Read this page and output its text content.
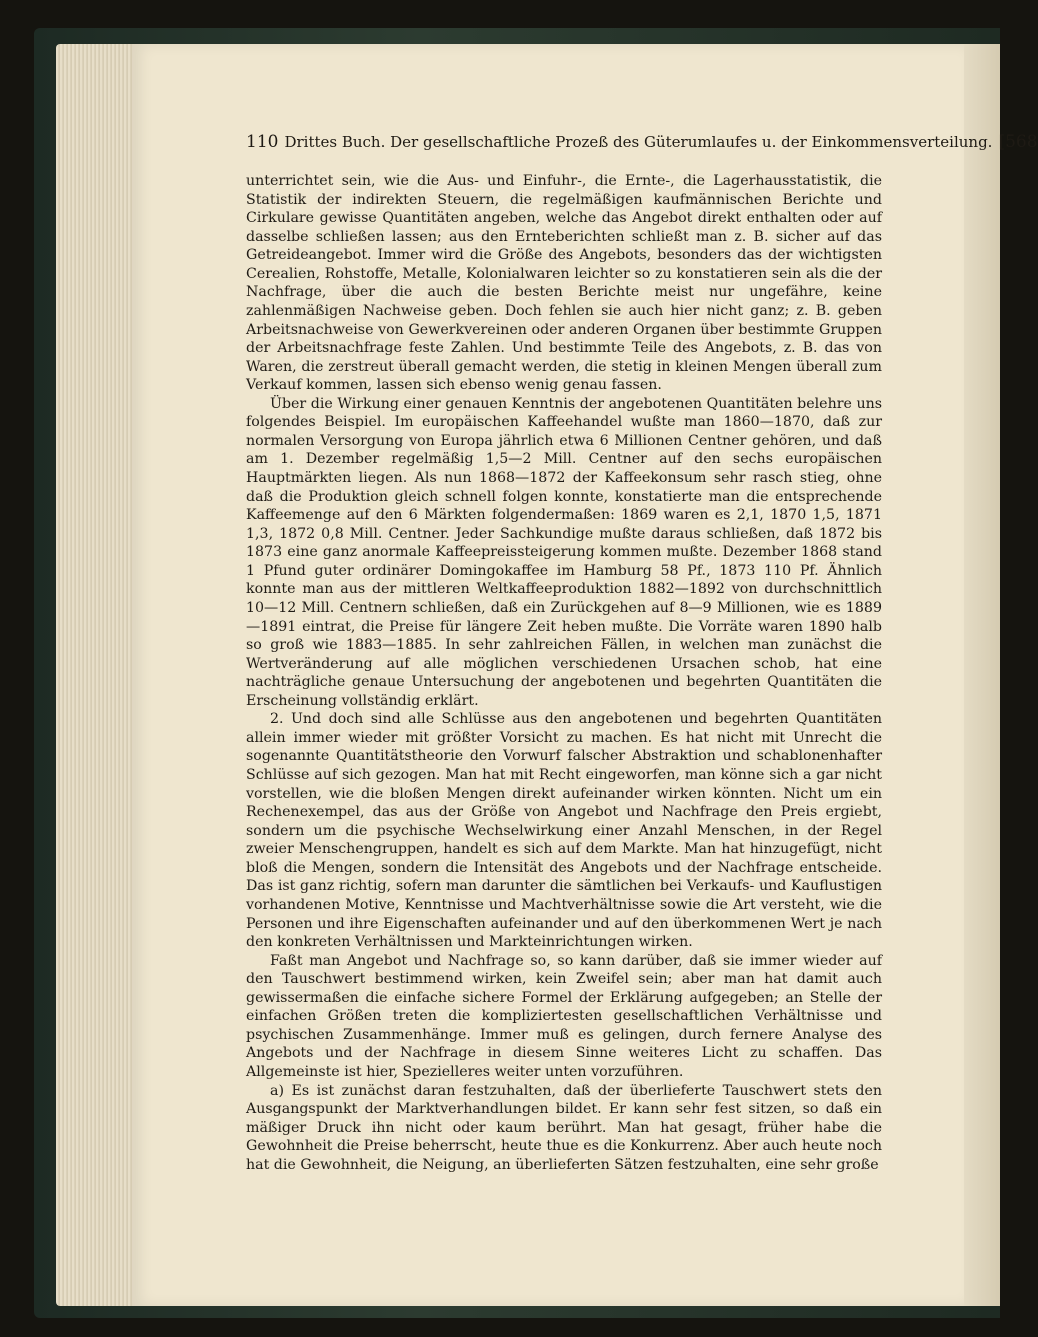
110 Drittes Buch. Der gesellschaftliche Prozeß des Güterumlaufes u. der Einkommensverteilung. [568

unterrichtet sein, wie die Aus- und Einfuhr-, die Ernte-, die Lagerhausstatistik, die Statistik der indirekten Steuern, die regelmäßigen kaufmännischen Berichte und Cirkulare gewisse Quantitäten angeben, welche das Angebot direkt enthalten oder auf dasselbe schließen lassen; aus den Ernteberichten schließt man z. B. sicher auf das Getreideangebot. Immer wird die Größe des Angebots, besonders das der wichtigsten Cerealien, Rohstoffe, Metalle, Kolonialwaren leichter so zu konstatieren sein als die der Nachfrage, über die auch die besten Berichte meist nur ungefähre, keine zahlenmäßigen Nachweise geben. Doch fehlen sie auch hier nicht ganz; z. B. geben Arbeitsnachweise von Gewerkvereinen oder anderen Organen über bestimmte Gruppen der Arbeitsnachfrage feste Zahlen. Und bestimmte Teile des Angebots, z. B. das von Waren, die zerstreut überall gemacht werden, die stetig in kleinen Mengen überall zum Verkauf kommen, lassen sich ebenso wenig genau fassen.

Über die Wirkung einer genauen Kenntnis der angebotenen Quantitäten belehre uns folgendes Beispiel. Im europäischen Kaffeehandel wußte man 1860—1870, daß zur normalen Versorgung von Europa jährlich etwa 6 Millionen Centner gehören, und daß am 1. Dezember regelmäßig 1,5—2 Mill. Centner auf den sechs europäischen Hauptmärkten liegen. Als nun 1868—1872 der Kaffeekonsum sehr rasch stieg, ohne daß die Produktion gleich schnell folgen konnte, konstatierte man die entsprechende Kaffeemenge auf den 6 Märkten folgendermaßen: 1869 waren es 2,1, 1870 1,5, 1871 1,3, 1872 0,8 Mill. Centner. Jeder Sachkundige mußte daraus schließen, daß 1872 bis 1873 eine ganz anormale Kaffeepreissteigerung kommen mußte. Dezember 1868 stand 1 Pfund guter ordinärer Domingokaffee im Hamburg 58 Pf., 1873 110 Pf. Ähnlich konnte man aus der mittleren Weltkaffeeproduktion 1882—1892 von durchschnittlich 10—12 Mill. Centnern schließen, daß ein Zurückgehen auf 8—9 Millionen, wie es 1889—1891 eintrat, die Preise für längere Zeit heben mußte. Die Vorräte waren 1890 halb so groß wie 1883—1885. In sehr zahlreichen Fällen, in welchen man zunächst die Wertveränderung auf alle möglichen verschiedenen Ursachen schob, hat eine nachträgliche genaue Untersuchung der angebotenen und begehrten Quantitäten die Erscheinung vollständig erklärt.

2. Und doch sind alle Schlüsse aus den angebotenen und begehrten Quantitäten allein immer wieder mit größter Vorsicht zu machen. Es hat nicht mit Unrecht die sogenannte Quantitätstheorie den Vorwurf falscher Abstraktion und schablonenhafter Schlüsse auf sich gezogen. Man hat mit Recht eingeworfen, man könne sich a gar nicht vorstellen, wie die bloßen Mengen direkt aufeinander wirken könnten. Nicht um ein Rechenexempel, das aus der Größe von Angebot und Nachfrage den Preis ergiebt, sondern um die psychische Wechselwirkung einer Anzahl Menschen, in der Regel zweier Menschengruppen, handelt es sich auf dem Markte. Man hat hinzugefügt, nicht bloß die Mengen, sondern die Intensität des Angebots und der Nachfrage entscheide. Das ist ganz richtig, sofern man darunter die sämtlichen bei Verkaufs- und Kauflustigen vorhandenen Motive, Kenntnisse und Machtverhältnisse sowie die Art versteht, wie die Personen und ihre Eigenschaften aufeinander und auf den überkommenen Wert je nach den konkreten Verhältnissen und Markteinrichtungen wirken.

Faßt man Angebot und Nachfrage so, so kann darüber, daß sie immer wieder auf den Tauschwert bestimmend wirken, kein Zweifel sein; aber man hat damit auch gewissermaßen die einfache sichere Formel der Erklärung aufgegeben; an Stelle der einfachen Größen treten die kompliziertesten gesellschaftlichen Verhältnisse und psychischen Zusammenhänge. Immer muß es gelingen, durch fernere Analyse des Angebots und der Nachfrage in diesem Sinne weiteres Licht zu schaffen. Das Allgemeinste ist hier, Spezielleres weiter unten vorzuführen.

a) Es ist zunächst daran festzuhalten, daß der überlieferte Tauschwert stets den Ausgangspunkt der Marktverhandlungen bildet. Er kann sehr fest sitzen, so daß ein mäßiger Druck ihn nicht oder kaum berührt. Man hat gesagt, früher habe die Gewohnheit die Preise beherrscht, heute thue es die Konkurrenz. Aber auch heute noch hat die Gewohnheit, die Neigung, an überlieferten Sätzen festzuhalten, eine sehr große
